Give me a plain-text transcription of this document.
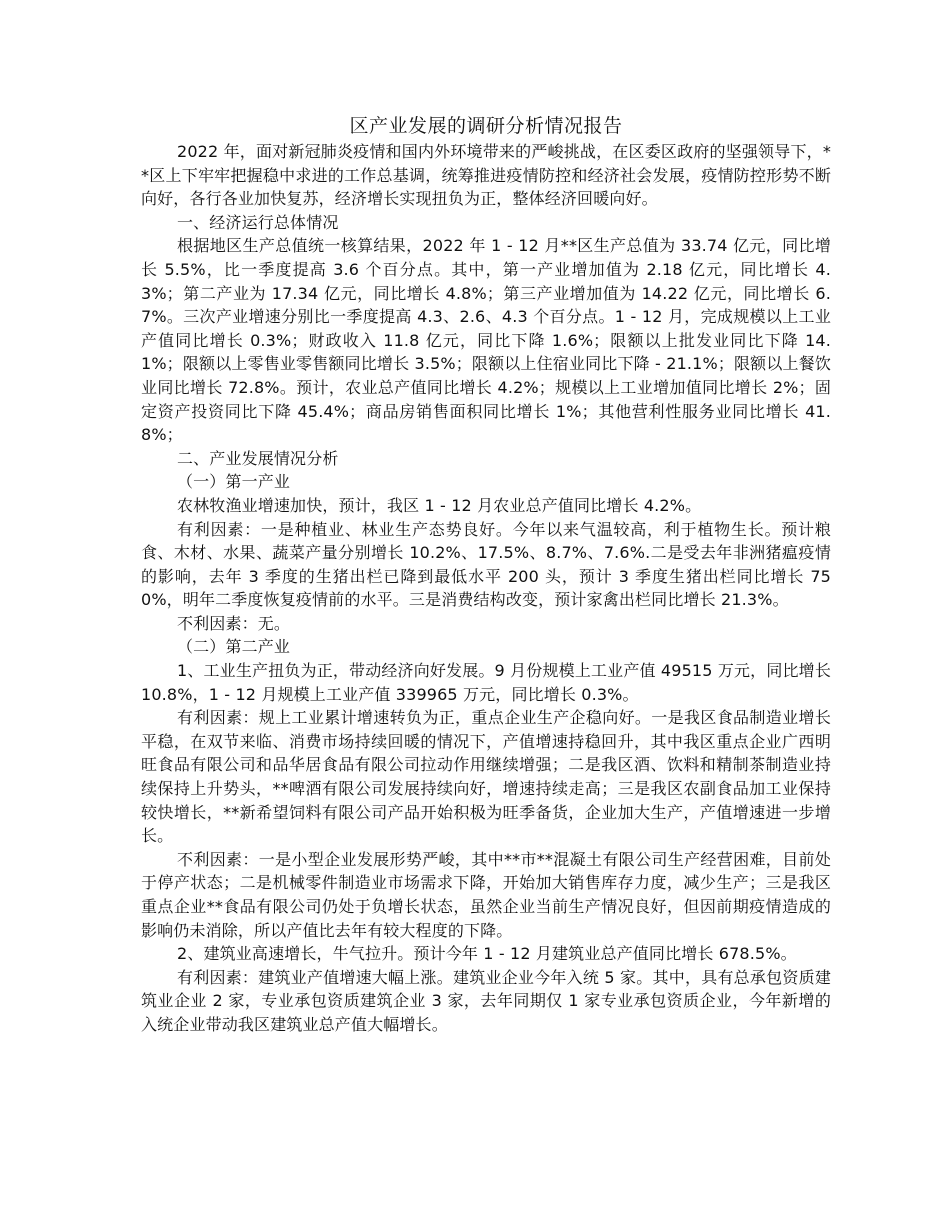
区产业发展的调研分析情况报告

2022 年，面对新冠肺炎疫情和国内外环境带来的严峻挑战，在区委区政府的坚强领导下，**区上下牢牢把握稳中求进的工作总基调，统筹推进疫情防控和经济社会发展，疫情防控形势不断向好，各行各业加快复苏，经济增长实现扭负为正，整体经济回暖向好。

一、经济运行总体情况

根据地区生产总值统一核算结果，2022 年 1 - 12 月**区生产总值为 33.74 亿元，同比增长 5.5%，比一季度提高 3.6 个百分点。其中，第一产业增加值为 2.18 亿元，同比增长 4.3%；第二产业为 17.34 亿元，同比增长 4.8%；第三产业增加值为 14.22 亿元，同比增长 6.7%。三次产业增速分别比一季度提高 4.3、2.6、4.3 个百分点。1 - 12 月，完成规模以上工业产值同比增长 0.3%；财政收入 11.8 亿元，同比下降 1.6%；限额以上批发业同比下降 14.1%；限额以上零售业零售额同比增长 3.5%；限额以上住宿业同比下降 - 21.1%；限额以上餐饮业同比增长 72.8%。预计，农业总产值同比增长 4.2%；规模以上工业增加值同比增长 2%；固定资产投资同比下降 45.4%；商品房销售面积同比增长 1%；其他营利性服务业同比增长 41.8%；

二、产业发展情况分析

（一）第一产业

农林牧渔业增速加快，预计，我区 1 - 12 月农业总产值同比增长 4.2%。

有利因素：一是种植业、林业生产态势良好。今年以来气温较高，利于植物生长。预计粮食、木材、水果、蔬菜产量分别增长 10.2%、17.5%、8.7%、7.6%.二是受去年非洲猪瘟疫情的影响，去年 3 季度的生猪出栏已降到最低水平 200 头，预计 3 季度生猪出栏同比增长 750%，明年二季度恢复疫情前的水平。三是消费结构改变，预计家禽出栏同比增长 21.3%。

不利因素：无。

（二）第二产业

1、工业生产扭负为正，带动经济向好发展。9 月份规模上工业产值 49515 万元，同比增长 10.8%，1 - 12 月规模上工业产值 339965 万元，同比增长 0.3%。

有利因素：规上工业累计增速转负为正，重点企业生产企稳向好。一是我区食品制造业增长平稳，在双节来临、消费市场持续回暖的情况下，产值增速持稳回升，其中我区重点企业广西明旺食品有限公司和品华居食品有限公司拉动作用继续增强；二是我区酒、饮料和精制茶制造业持续保持上升势头，**啤酒有限公司发展持续向好，增速持续走高；三是我区农副食品加工业保持较快增长，**新希望饲料有限公司产品开始积极为旺季备货，企业加大生产，产值增速进一步增长。

不利因素：一是小型企业发展形势严峻，其中**市**混凝土有限公司生产经营困难，目前处于停产状态；二是机械零件制造业市场需求下降，开始加大销售库存力度，减少生产；三是我区重点企业**食品有限公司仍处于负增长状态，虽然企业当前生产情况良好，但因前期疫情造成的影响仍未消除，所以产值比去年有较大程度的下降。

2、建筑业高速增长，牛气拉升。预计今年 1 - 12 月建筑业总产值同比增长 678.5%。

有利因素：建筑业产值增速大幅上涨。建筑业企业今年入统 5 家。其中，具有总承包资质建筑业企业 2 家，专业承包资质建筑企业 3 家，去年同期仅 1 家专业承包资质企业，今年新增的入统企业带动我区建筑业总产值大幅增长。
